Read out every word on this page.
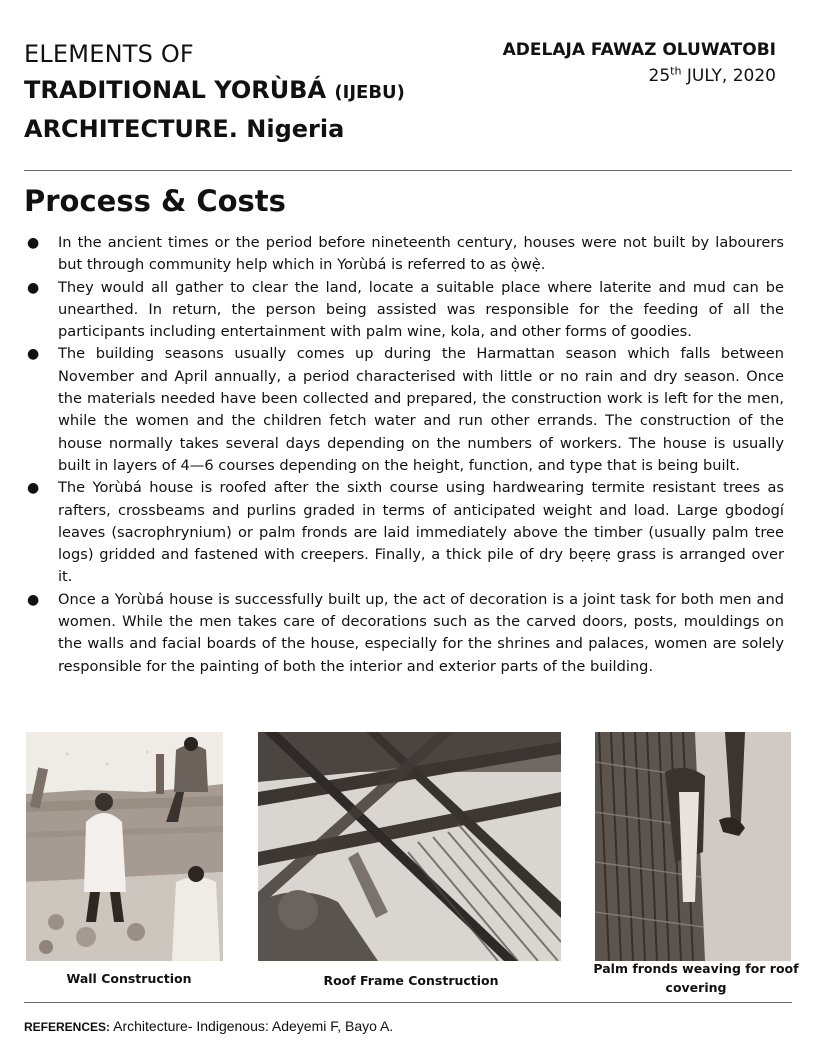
ELEMENTS OF
TRADITIONAL YORÙBÁ (IJEBU)
ARCHITECTURE. Nigeria
ADELAJA FAWAZ OLUWATOBI
25th JULY, 2020
Process & Costs
● In the ancient times or the period before nineteenth century, houses were not built by labourers but through community help which in Yorùbá is referred to as ọ̀wẹ̀.
● They would all gather to clear the land, locate a suitable place where laterite and mud can be unearthed. In return, the person being assisted was responsible for the feeding of all the participants including entertainment with palm wine, kola, and other forms of goodies.
● The building seasons usually comes up during the Harmattan season which falls between November and April annually, a period characterised with little or no rain and dry season. Once the materials needed have been collected and prepared, the construction work is left for the men, while the women and the children fetch water and run other errands. The construction of the house normally takes several days depending on the numbers of workers. The house is usually built in layers of 4—6 courses depending on the height, function, and type that is being built.
● The Yorùbá house is roofed after the sixth course using hardwearing termite resistant trees as rafters, crossbeams and purlins graded in terms of anticipated weight and load. Large gbodogí leaves (sacrophrynium) or palm fronds are laid immediately above the timber (usually palm tree logs) gridded and fastened with creepers. Finally, a thick pile of dry bẹẹrẹ grass is arranged over it.
● Once a Yorùbá house is successfully built up, the act of decoration is a joint task for both men and women. While the men takes care of decorations such as the carved doors, posts, mouldings on the walls and facial boards of the house, especially for the shrines and palaces, women are solely responsible for the painting of both the interior and exterior parts of the building.
Wall Construction	Roof Frame Construction
Palm fronds weaving for roof covering
REFERENCES: Architecture- Indigenous: Adeyemi F, Bayo A.
